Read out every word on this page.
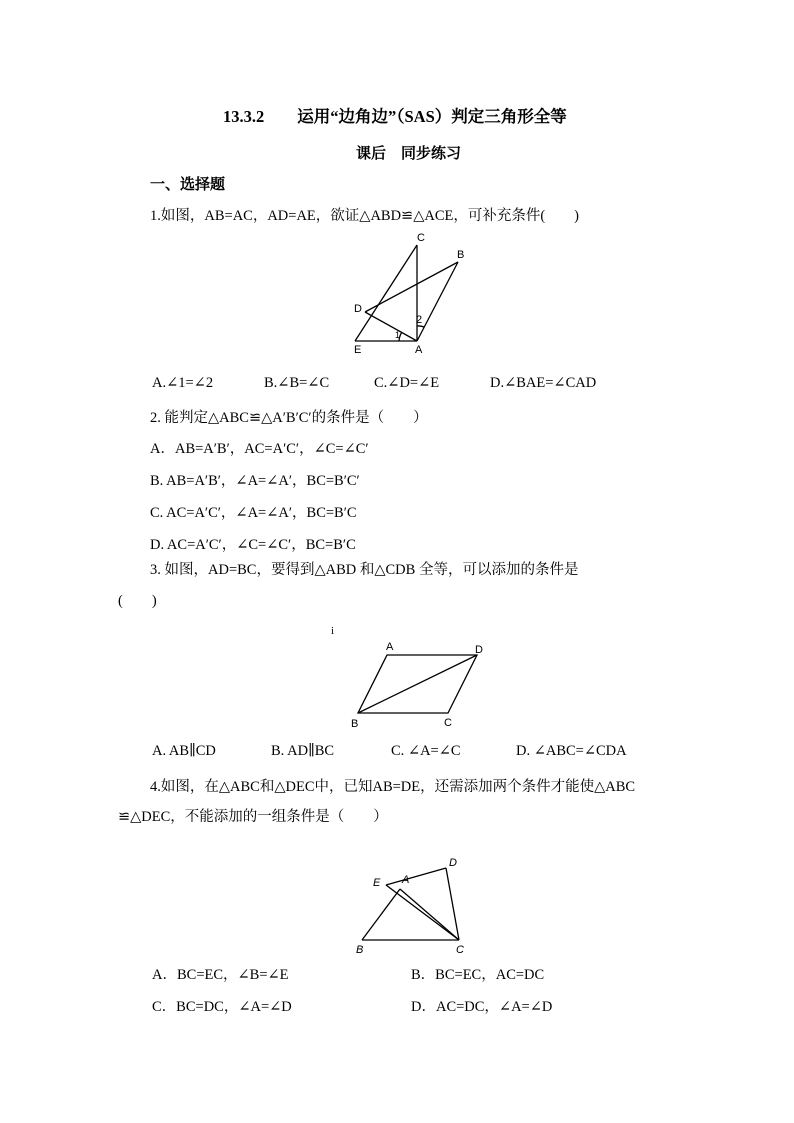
13.3.2　　运用“边角边”（SAS）判定三角形全等
课后　同步练习
一、选择题
1.如图，AB=AC，AD=AE，欲证△ABD≌△ACE，可补充条件(　　)
C
B
D
E	A
1
2
A.∠1=∠2	B.∠B=∠C	C.∠D=∠E	D.∠BAE=∠CAD
2. 能判定△ABC≌△A′B′C′的条件是（　　）
A．AB=A′B′，AC=A′C′，∠C=∠C′
B. AB=A′B′，∠A=∠A′，BC=B′C′
C. AC=A′C′，∠A=∠A′，BC=B′C
D. AC=A′C′，∠C=∠C′，BC=B′C
3. 如图，AD=BC，要得到△ABD 和△CDB 全等，可以添加的条件是
(　　)
i
A	D
B	C
A. AB∥CD	B. AD∥BC	C. ∠A=∠C	D. ∠ABC=∠CDA
4.如图，在△ABC和△DEC中，已知AB=DE，还需添加两个条件才能使△ABC
≌△DEC，不能添加的一组条件是（　　）
D
E A
B	C
A．BC=EC，∠B=∠E	B．BC=EC，AC=DC
C．BC=DC，∠A=∠D	D．AC=DC，∠A=∠D
